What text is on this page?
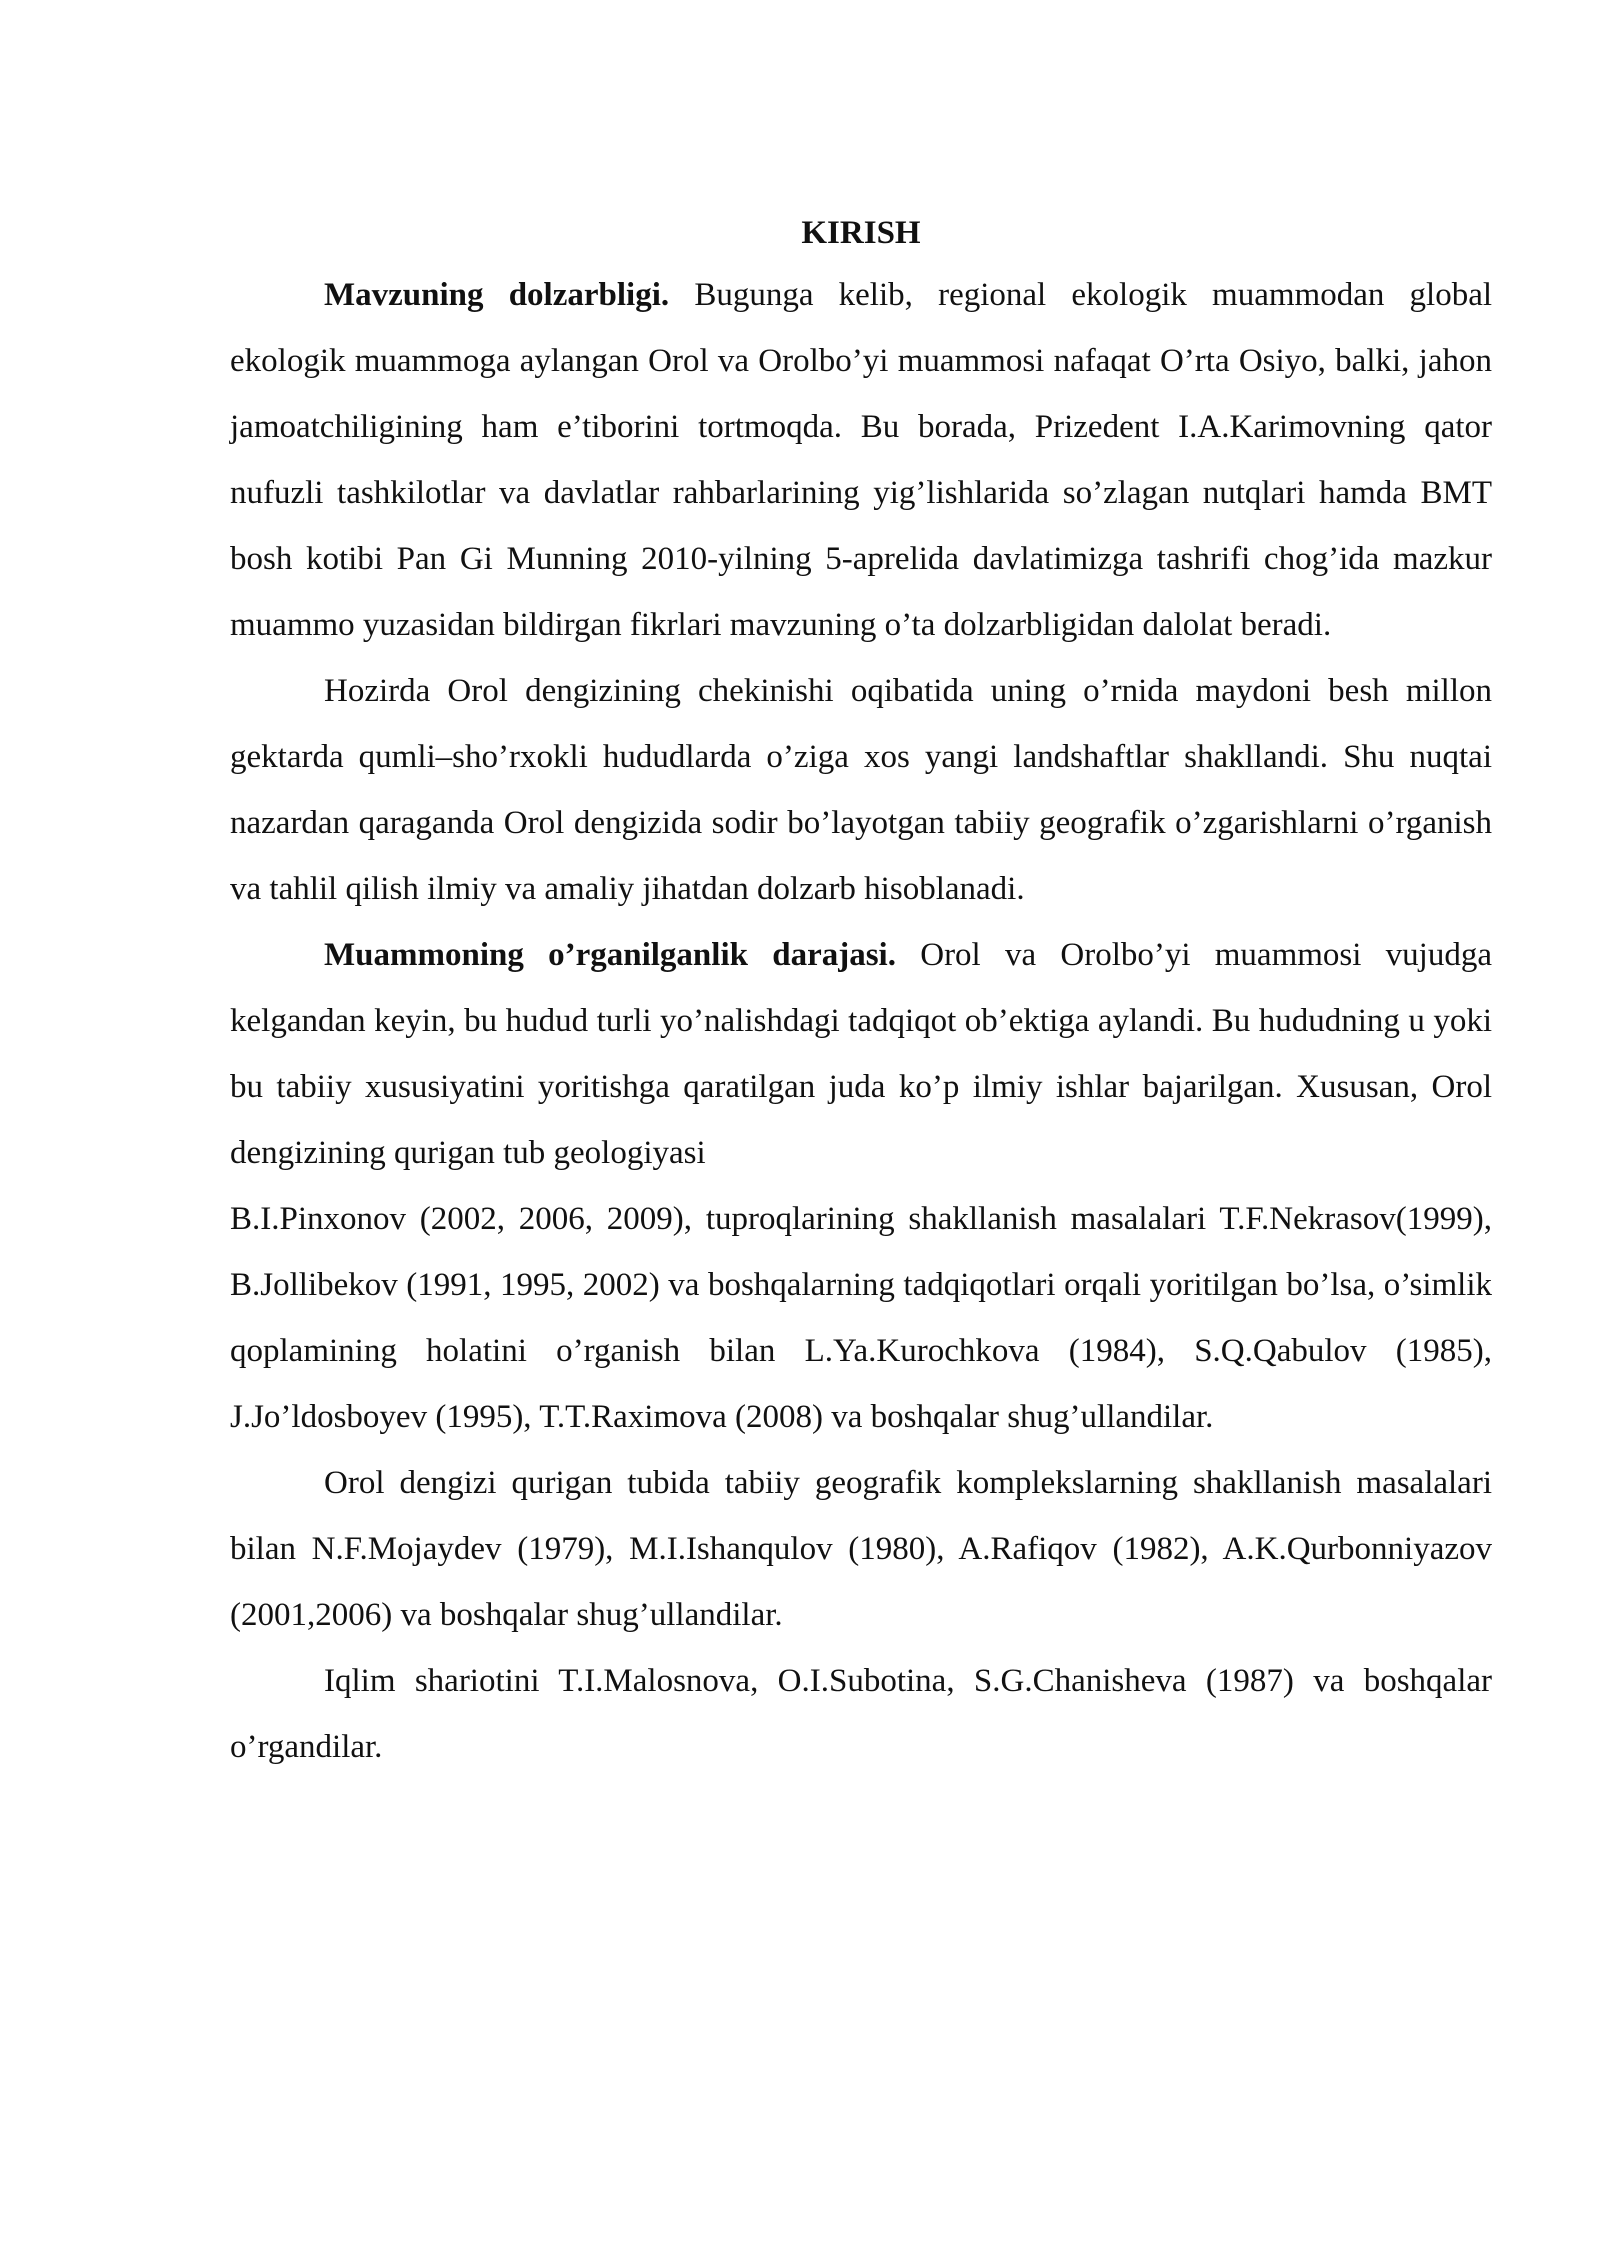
KIRISH

Mavzuning dolzarbligi. Bugunga kelib, regional ekologik muammodan global ekologik muammoga aylangan Orol va Orolbo’yi muammosi nafaqat O’rta Osiyo, balki, jahon jamoatchiligining ham e’tiborini tortmoqda. Bu borada, Prizedent I.A.Karimovning qator nufuzli tashkilotlar va davlatlar rahbarlarining yig’lishlarida so’zlagan nutqlari hamda BMT bosh kotibi Pan Gi Munning 2010-yilning 5-aprelida davlatimizga tashrifi chog’ida mazkur muammo yuzasidan bildirgan fikrlari mavzuning o’ta dolzarbligidan dalolat beradi.

Hozirda Orol dengizining chekinishi oqibatida uning o’rnida maydoni besh millon gektarda qumli–sho’rxokli hududlarda o’ziga xos yangi landshaftlar shakllandi. Shu nuqtai nazardan qaraganda Orol dengizida sodir bo’layotgan tabiiy geografik o’zgarishlarni o’rganish va tahlil qilish ilmiy va amaliy jihatdan dolzarb hisoblanadi.

Muammoning o’rganilganlik darajasi. Orol va Orolbo’yi muammosi vujudga kelgandan keyin, bu hudud turli yo’nalishdagi tadqiqot ob’ektiga aylandi. Bu hududning u yoki bu tabiiy xususiyatini yoritishga qaratilgan juda ko’p ilmiy ishlar bajarilgan. Xususan, Orol dengizining qurigan tub geologiyasi

B.I.Pinxonov (2002, 2006, 2009), tuproqlarining shakllanish masalalari T.F.Nekrasov(1999), B.Jollibekov (1991, 1995, 2002) va boshqalarning tadqiqotlari orqali yoritilgan bo’lsa, o’simlik qoplamining holatini o’rganish bilan L.Ya.Kurochkova (1984), S.Q.Qabulov (1985), J.Jo’ldosboyev (1995), T.T.Raximova (2008) va boshqalar shug’ullandilar.

Orol dengizi qurigan tubida tabiiy geografik komplekslarning shakllanish masalalari bilan N.F.Mojaydev (1979), M.I.Ishanqulov (1980), A.Rafiqov (1982), A.K.Qurbonniyazov (2001,2006) va boshqalar shug’ullandilar.

Iqlim shariotini T.I.Malosnova, O.I.Subotina, S.G.Chanisheva (1987) va boshqalar o’rgandilar.
